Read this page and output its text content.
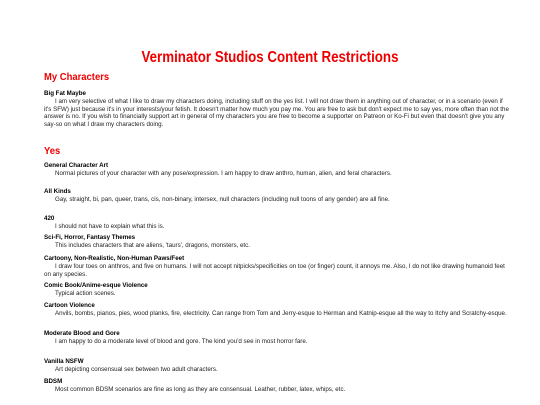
Verminator Studios Content Restrictions
My Characters
Big Fat Maybe
I am very selective of what I like to draw my characters doing, including stuff on the yes list. I will not draw them in anything out of character, or in a scenario (even if it's SFW) just because it's in your interests/your fetish. It doesn't matter how much you pay me. You are free to ask but don't expect me to say yes, more often than not the answer is no. If you wish to financially support art in general of my characters you are free to become a supporter on Patreon or Ko-Fi but even that doesn't give you any say-so on what I draw my characters doing.
Yes
General Character Art
Normal pictures of your character with any pose/expression. I am happy to draw anthro, human, alien, and feral characters.
All Kinds
Gay, straight, bi, pan, queer, trans, cis, non-binary, intersex, null characters (including null toons of any gender) are all fine.
420
I should not have to explain what this is.
Sci-Fi, Horror, Fantasy Themes
This includes characters that are aliens, 'taurs', dragons, monsters, etc.
Cartoony, Non-Realistic, Non-Human Paws/Feet
I draw four toes on anthros, and five on humans. I will not accept nitpicks/specificities on toe (or finger) count, it annoys me. Also, I do not like drawing humanoid feet on any species.
Comic Book/Anime-esque Violence
Typical action scenes.
Cartoon Violence
Anvils, bombs, pianos, pies, wood planks, fire, electricity. Can range from Tom and Jerry-esque to Herman and Katnip-esque all the way to Itchy and Scratchy-esque.
Moderate Blood and Gore
I am happy to do a moderate level of blood and gore. The kind you'd see in most horror fare.
Vanilla NSFW
Art depicting consensual sex between two adult characters.
BDSM
Most common BDSM scenarios are fine as long as they are consensual. Leather, rubber, latex, whips, etc.
